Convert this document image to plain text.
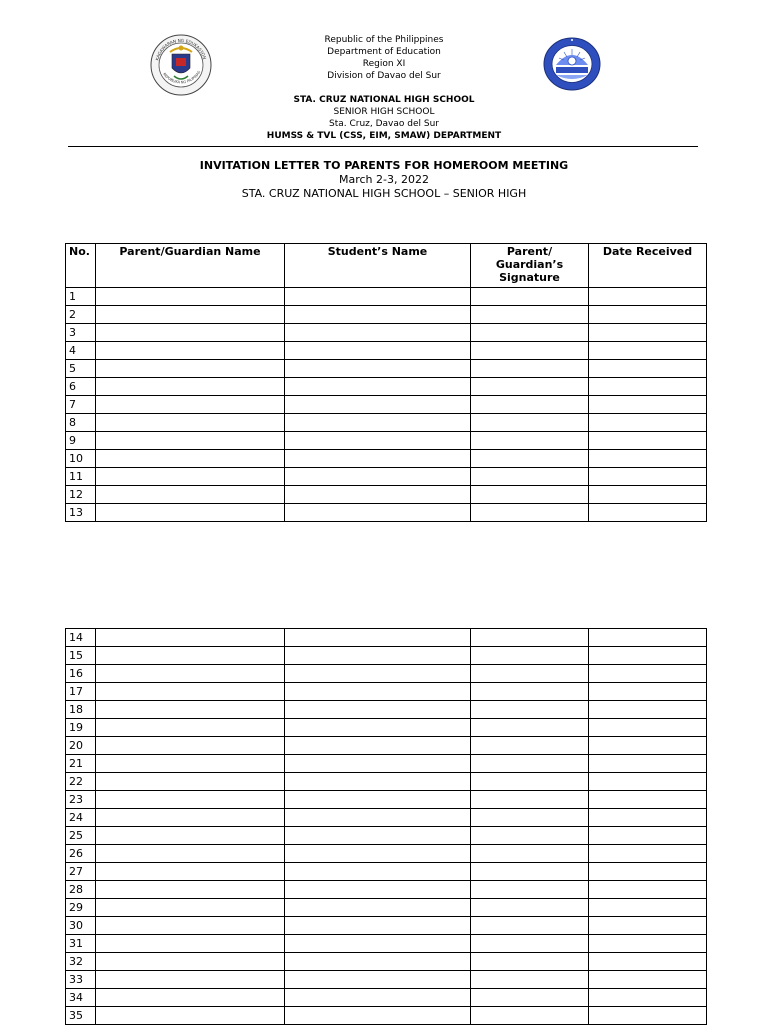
KAGAWARAN NG EDUKASYON
REPUBLIKA NG PILIPINAS
Republic of the Philippines
Department of Education
Region XI
Division of Davao del Sur
STA. CRUZ NATIONAL HIGH SCHOOL
SENIOR HIGH SCHOOL
Sta. Cruz, Davao del Sur
HUMSS & TVL (CSS, EIM, SMAW) DEPARTMENT
INVITATION LETTER TO PARENTS FOR HOMEROOM MEETING
March 2-3, 2022
STA. CRUZ NATIONAL HIGH SCHOOL – SENIOR HIGH
No.	Parent/Guardian Name	Student’s Name	Parent/ Guardian’s Signature	Date Received
1				
2				
3				
4				
5				
6				
7				
8				
9				
10				
11				
12				
13				
14				
15				
16				
17				
18				
19				
20				
21				
22				
23				
24				
25				
26				
27				
28				
29				
30				
31				
32				
33				
34				
35				
